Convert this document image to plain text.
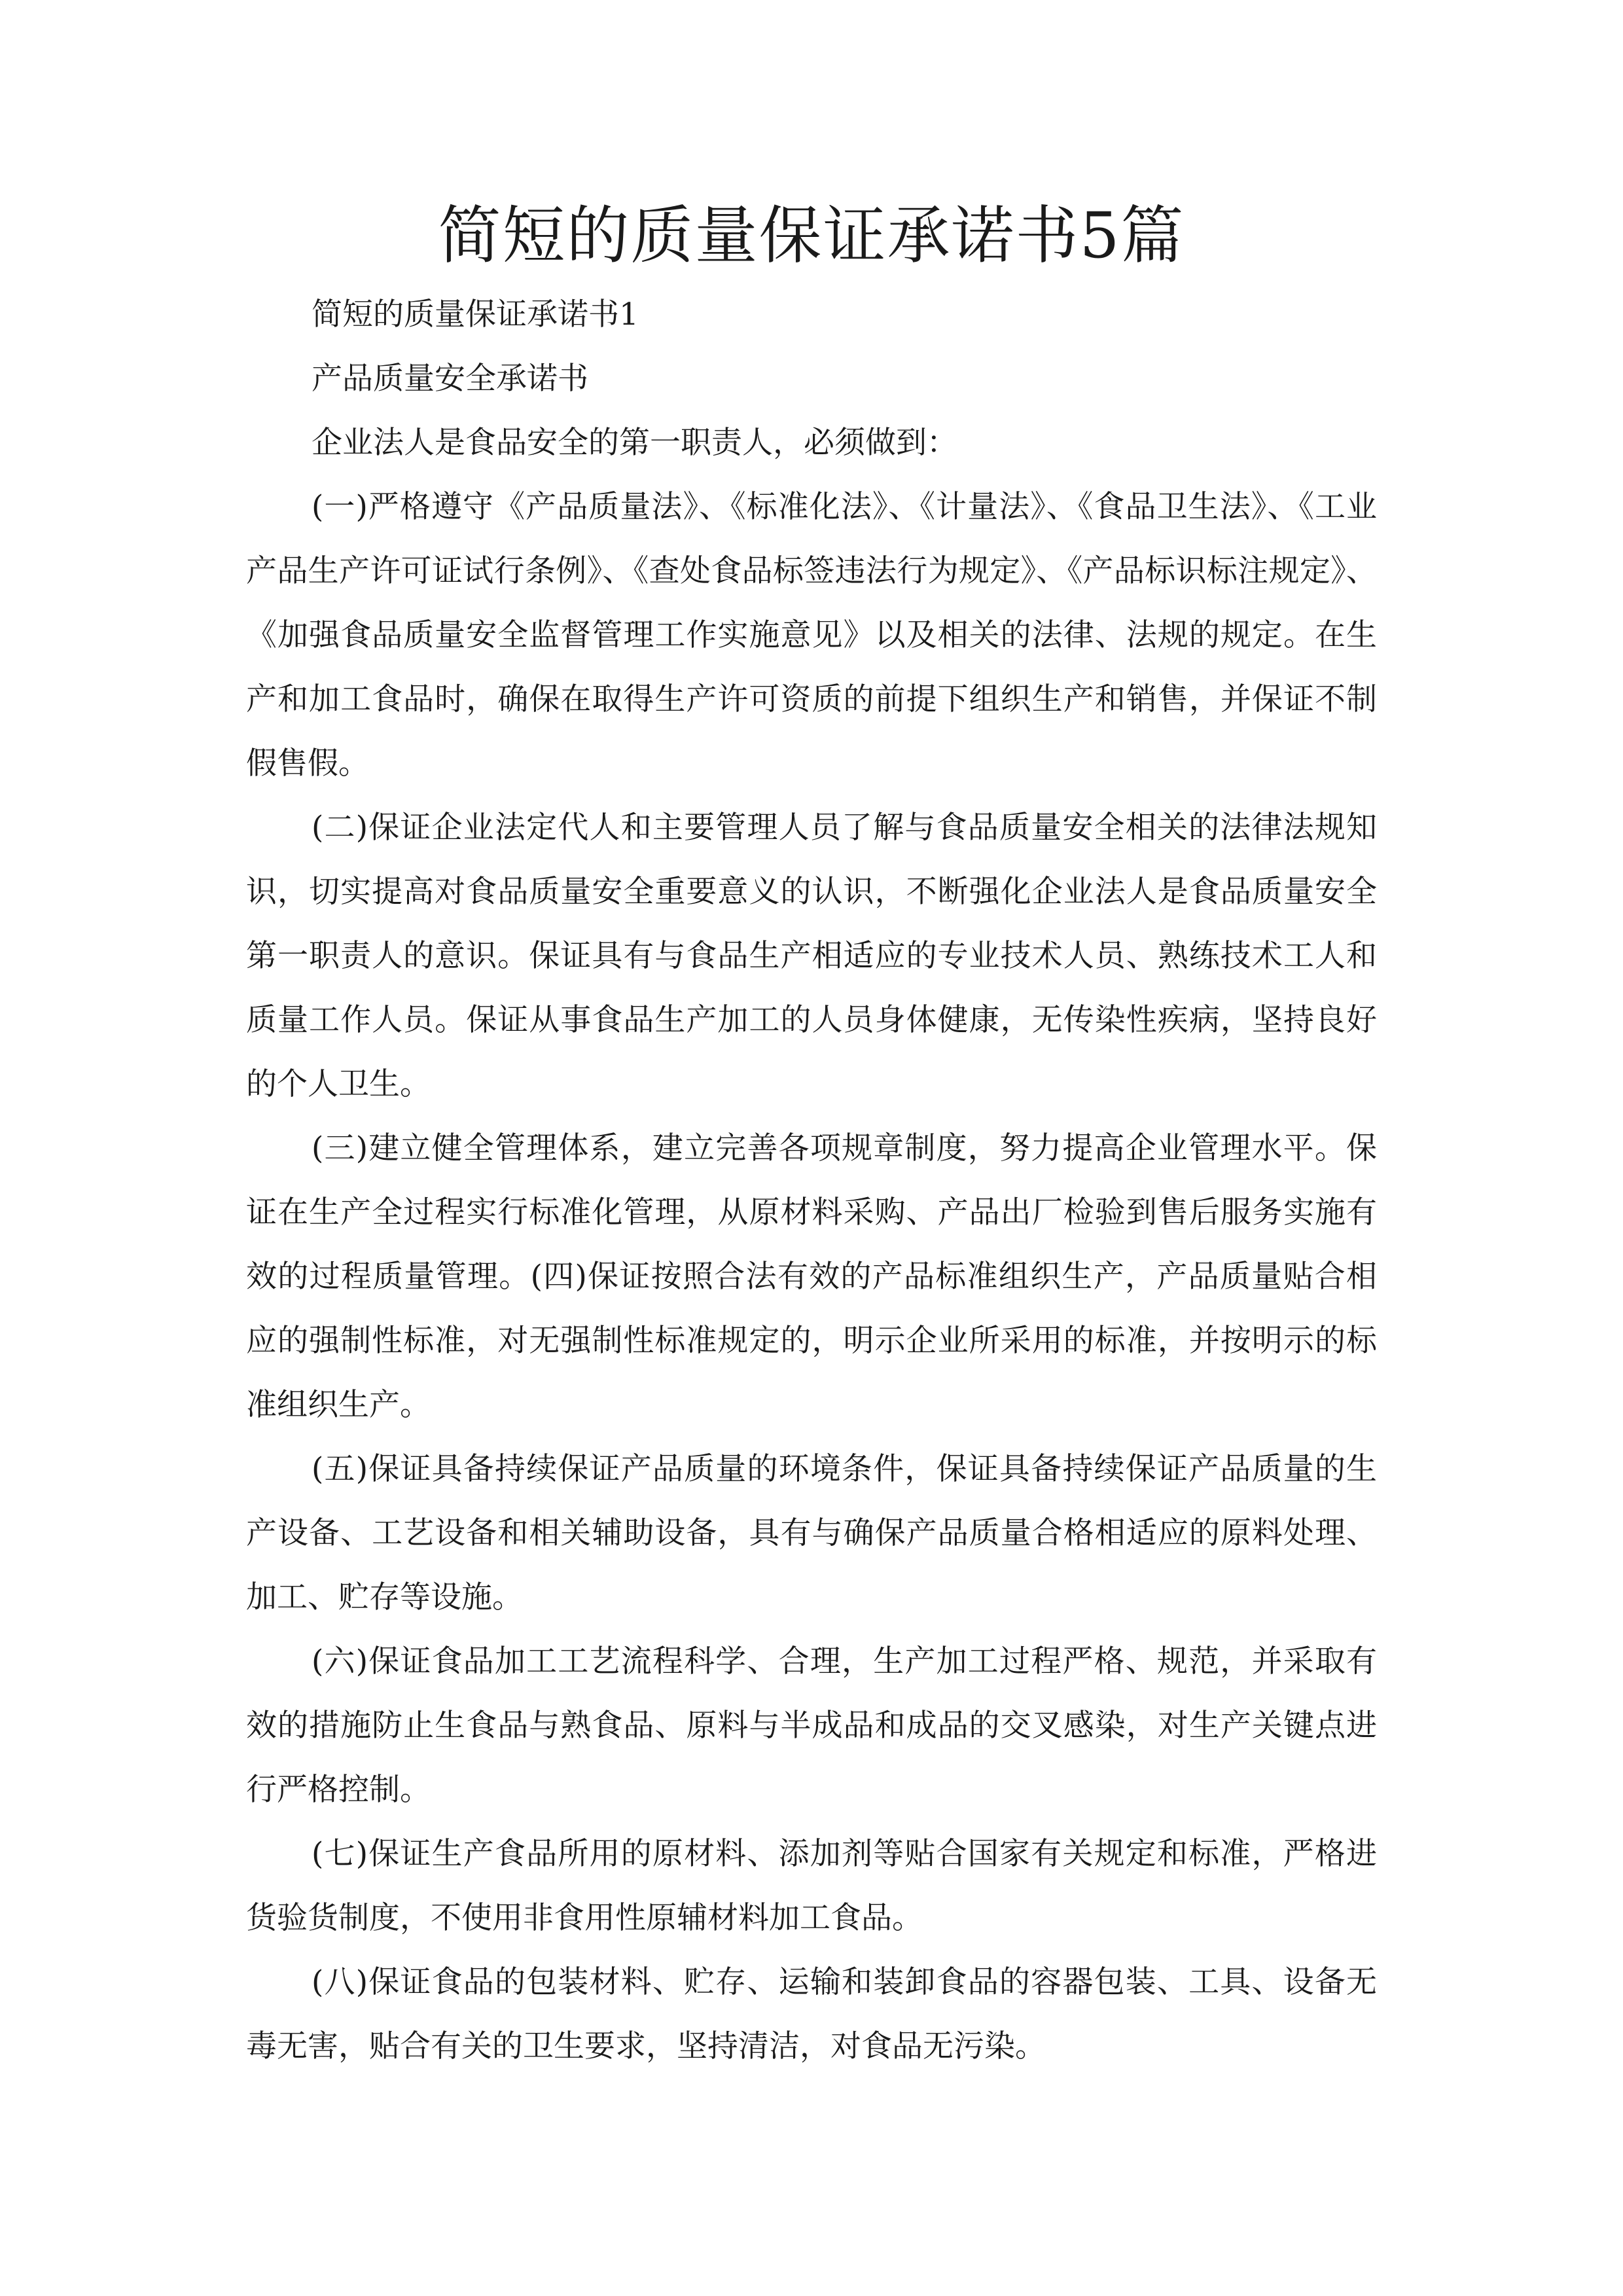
简短的质量保证承诺书5篇
简短的质量保证承诺书1
产品质量安全承诺书
企业法人是食品安全的第一职责人，必须做到：

(一)严格遵守《产品质量法》、《标准化法》、《计量法》、《食品卫生法》、《工业产品生产许可证试行条例》、《查处食品标签违法行为规定》、《产品标识标注规定》、《加强食品质量安全监督管理工作实施意见》以及相关的法律、法规的规定。在生产和加工食品时，确保在取得生产许可资质的前提下组织生产和销售，并保证不制假售假。

(二)保证企业法定代人和主要管理人员了解与食品质量安全相关的法律法规知识，切实提高对食品质量安全重要意义的认识，不断强化企业法人是食品质量安全第一职责人的意识。保证具有与食品生产相适应的专业技术人员、熟练技术工人和质量工作人员。保证从事食品生产加工的人员身体健康，无传染性疾病，坚持良好的个人卫生。

(三)建立健全管理体系，建立完善各项规章制度，努力提高企业管理水平。保证在生产全过程实行标准化管理，从原材料采购、产品出厂检验到售后服务实施有效的过程质量管理。(四)保证按照合法有效的产品标准组织生产，产品质量贴合相应的强制性标准，对无强制性标准规定的，明示企业所采用的标准，并按明示的标准组织生产。

(五)保证具备持续保证产品质量的环境条件，保证具备持续保证产品质量的生产设备、工艺设备和相关辅助设备，具有与确保产品质量合格相适应的原料处理、加工、贮存等设施。

(六)保证食品加工工艺流程科学、合理，生产加工过程严格、规范，并采取有效的措施防止生食品与熟食品、原料与半成品和成品的交叉感染，对生产关键点进行严格控制。

(七)保证生产食品所用的原材料、添加剂等贴合国家有关规定和标准，严格进货验货制度，不使用非食用性原辅材料加工食品。

(八)保证食品的包装材料、贮存、运输和装卸食品的容器包装、工具、设备无毒无害，贴合有关的卫生要求，坚持清洁，对食品无污染。
